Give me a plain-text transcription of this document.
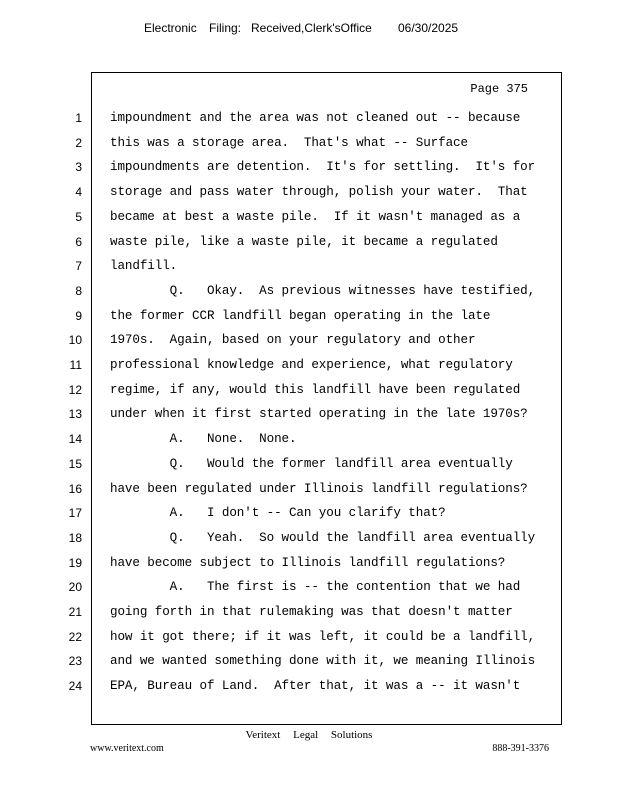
Electronic Filing: Received,Clerk'sOffice 06/30/2025
Page 375
1 impoundment and the area was not cleaned out -- because
2 this was a storage area.  That's what -- Surface
3 impoundments are detention.  It's for settling.  It's for
4 storage and pass water through, polish your water.  That
5 became at best a waste pile.  If it wasn't managed as a
6 waste pile, like a waste pile, it became a regulated
7 landfill.
8 Q.   Okay.  As previous witnesses have testified,
9 the former CCR landfill began operating in the late
10 1970s.  Again, based on your regulatory and other
11 professional knowledge and experience, what regulatory
12 regime, if any, would this landfill have been regulated
13 under when it first started operating in the late 1970s?
14 A.   None.  None.
15 Q.   Would the former landfill area eventually
16 have been regulated under Illinois landfill regulations?
17 A.   I don't -- Can you clarify that?
18 Q.   Yeah.  So would the landfill area eventually
19 have become subject to Illinois landfill regulations?
20 A.   The first is -- the contention that we had
21 going forth in that rulemaking was that doesn't matter
22 how it got there; if it was left, it could be a landfill,
23 and we wanted something done with it, we meaning Illinois
24 EPA, Bureau of Land.  After that, it was a -- it wasn't
Veritext Legal Solutions
www.veritext.com	888-391-3376
